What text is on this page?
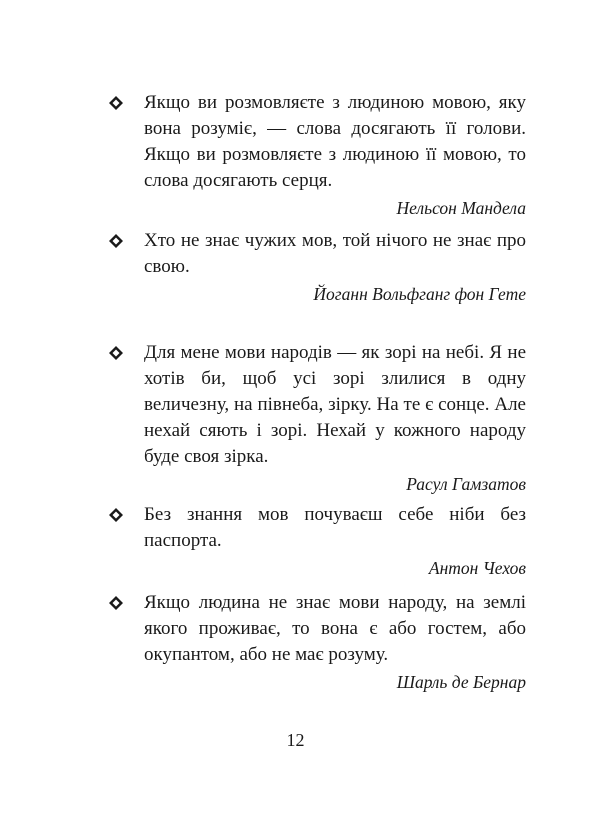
Якщо ви розмовляєте з людиною мовою, яку вона розуміє, — слова досягають її голови. Якщо ви розмовляєте з людиною її мовою, то слова досягають серця.
Нельсон Мандела
Хто не знає чужих мов, той нічого не знає про свою.
Йоганн Вольфганг фон Гете
Для мене мови народів — як зорі на небі. Я не хотів би, щоб усі зорі злилися в одну величезну, на півнеба, зірку. На те є сонце. Але нехай сяють і зорі. Нехай у кожного народу буде своя зірка.
Расул Гамзатов
Без знання мов почуваєш себе ніби без паспорта.
Антон Чехов
Якщо людина не знає мови народу, на землі якого проживає, то вона є або гостем, або окупантом, або не має розуму.
Шарль де Бернар
12
